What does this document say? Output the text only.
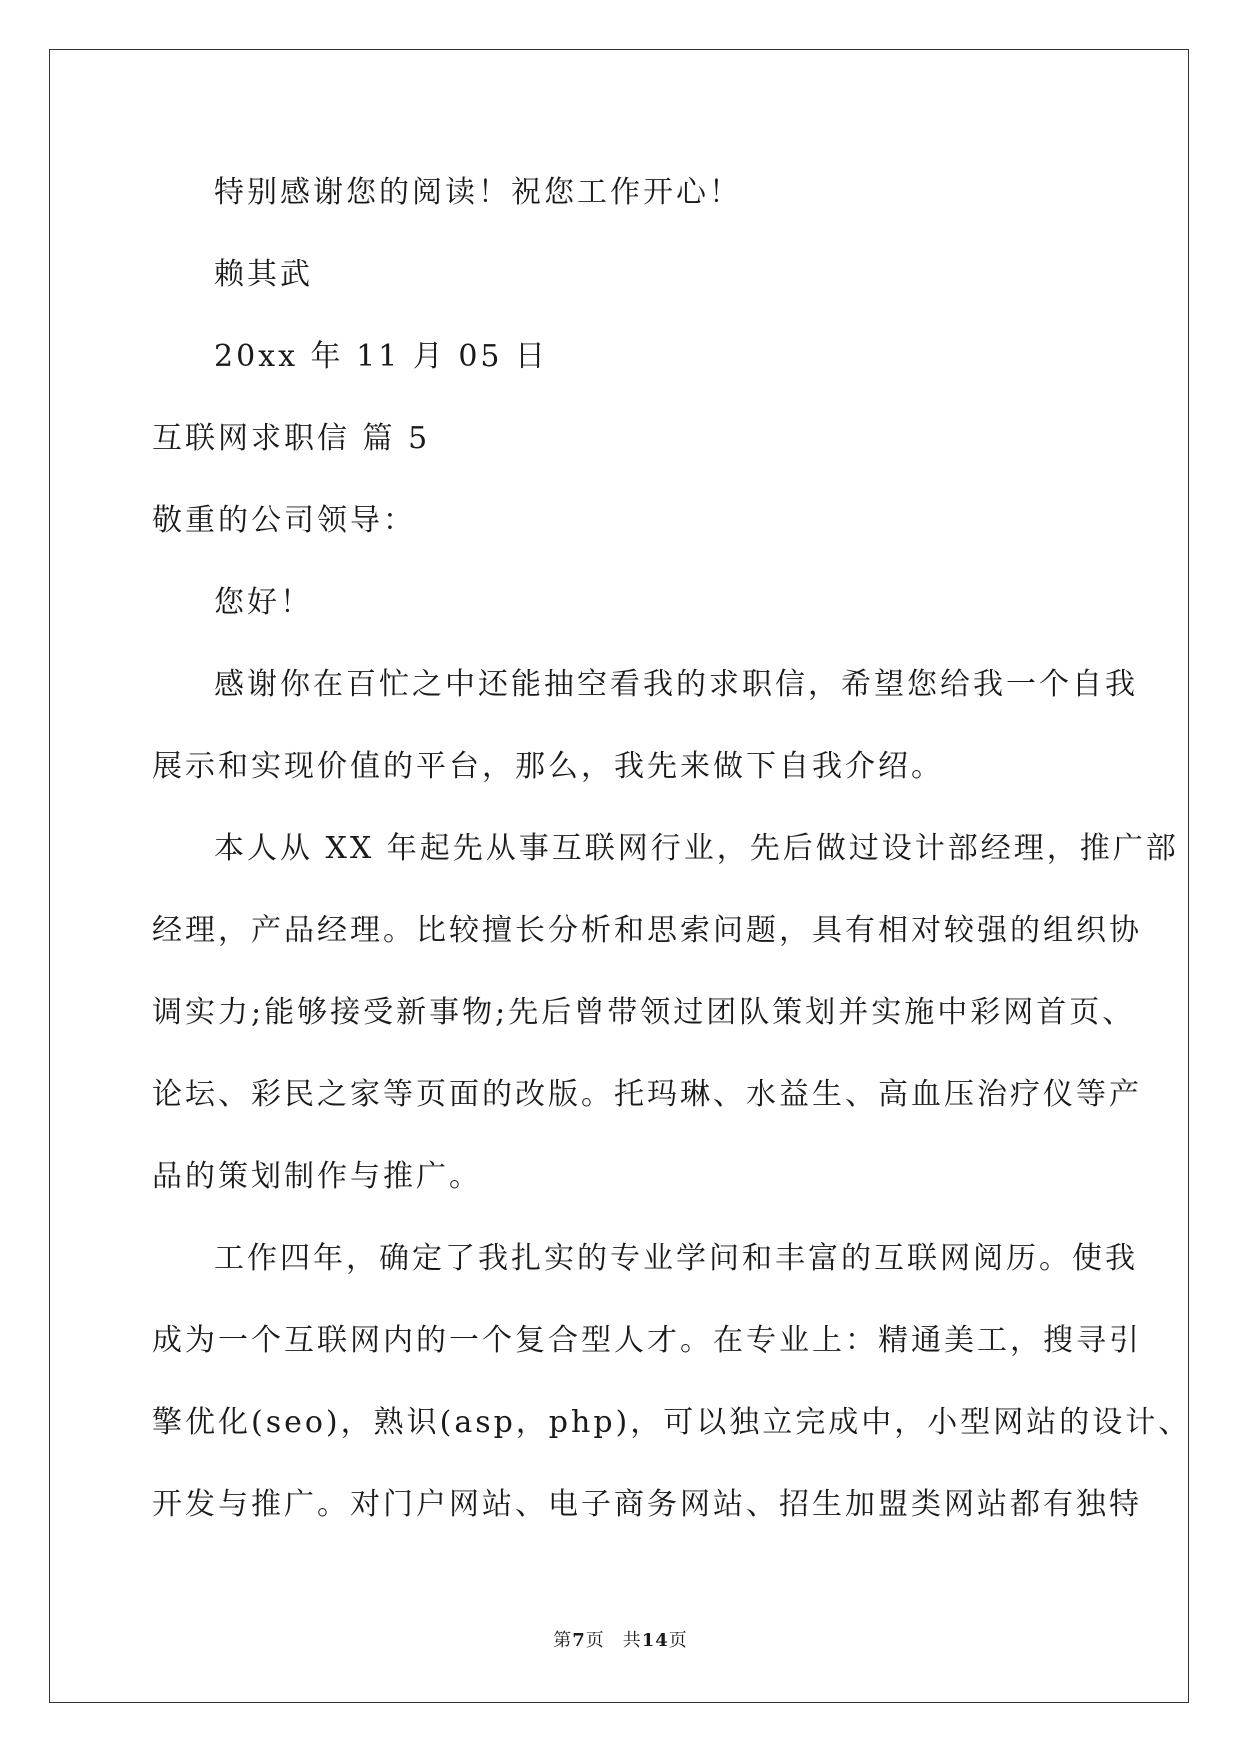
特别感谢您的阅读！祝您工作开心！
赖其武
20xx 年 11 月 05 日
互联网求职信 篇 5
敬重的公司领导：
您好！
感谢你在百忙之中还能抽空看我的求职信，希望您给我一个自我
展示和实现价值的平台，那么，我先来做下自我介绍。
本人从 XX 年起先从事互联网行业，先后做过设计部经理，推广部
经理，产品经理。比较擅长分析和思索问题，具有相对较强的组织协
调实力;能够接受新事物;先后曾带领过团队策划并实施中彩网首页、
论坛、彩民之家等页面的改版。托玛琳、水益生、高血压治疗仪等产
品的策划制作与推广。
工作四年，确定了我扎实的专业学问和丰富的互联网阅历。使我
成为一个互联网内的一个复合型人才。在专业上：精通美工，搜寻引
擎优化(seo)，熟识(asp，php)，可以独立完成中，小型网站的设计、
开发与推广。对门户网站、电子商务网站、招生加盟类网站都有独特
第7页 共14页
